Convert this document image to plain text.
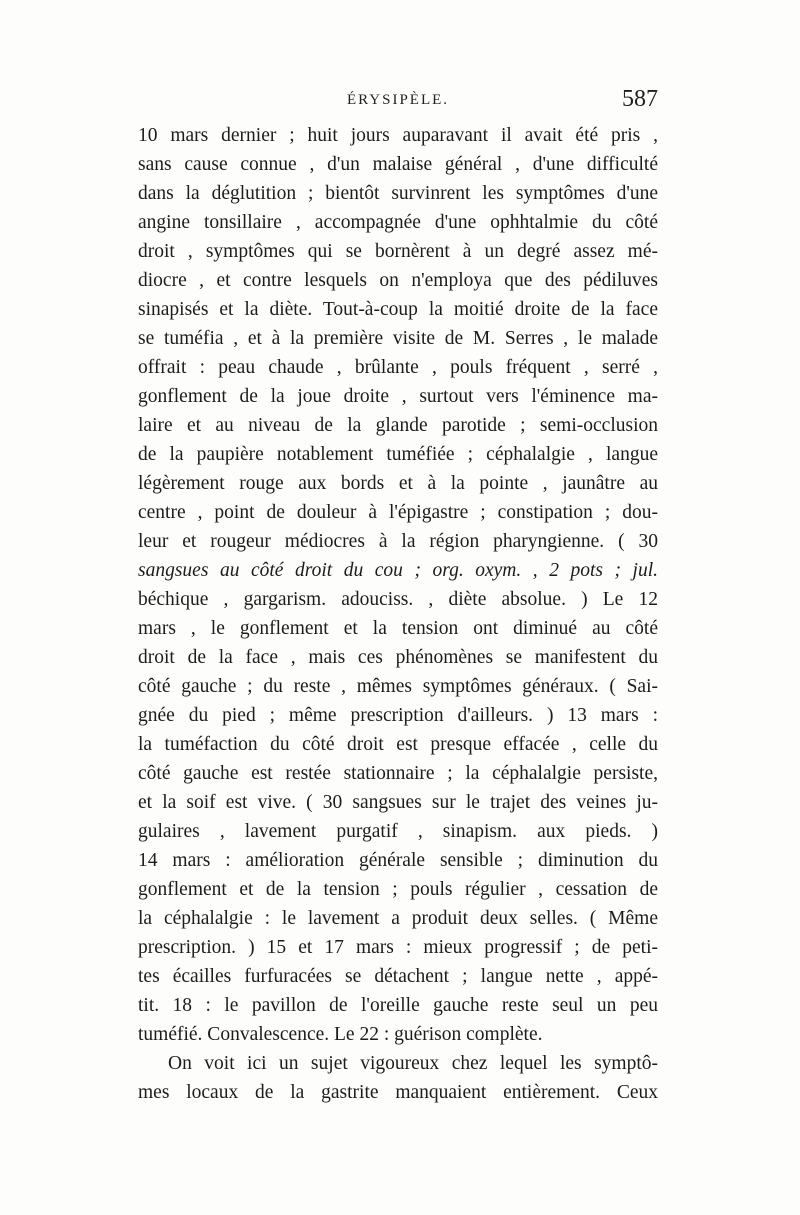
ÉRYSIPÈLE.	587
10 mars dernier ; huit jours auparavant il avait été pris ,
sans cause connue , d'un malaise général , d'une difficulté
dans la déglutition ; bientôt survinrent les symptômes d'une
angine tonsillaire , accompagnée d'une ophhtalmie du côté
droit , symptômes qui se bornèrent à un degré assez mé-
diocre , et contre lesquels on n'employa que des pédiluves
sinapisés et la diète. Tout-à-coup la moitié droite de la face
se tuméfia , et à la première visite de M. Serres , le malade
offrait : peau chaude , brûlante , pouls fréquent , serré ,
gonflement de la joue droite , surtout vers l'éminence ma-
laire et au niveau de la glande parotide ; semi-occlusion
de la paupière notablement tuméfiée ; céphalalgie , langue
légèrement rouge aux bords et à la pointe , jaunâtre au
centre , point de douleur à l'épigastre ; constipation ; dou-
leur et rougeur médiocres à la région pharyngienne. ( 30
sangsues au côté droit du cou ; org. oxym. , 2 pots ; jul.
béchique , gargarism. adouciss. , diète absolue. ) Le 12
mars , le gonflement et la tension ont diminué au côté
droit de la face , mais ces phénomènes se manifestent du
côté gauche ; du reste , mêmes symptômes généraux. ( Sai-
gnée du pied ; même prescription d'ailleurs. ) 13 mars :
la tuméfaction du côté droit est presque effacée , celle du
côté gauche est restée stationnaire ; la céphalalgie persiste,
et la soif est vive. ( 30 sangsues sur le trajet des veines ju-
gulaires , lavement purgatif , sinapism. aux pieds. )
14 mars : amélioration générale sensible ; diminution du
gonflement et de la tension ; pouls régulier , cessation de
la céphalalgie : le lavement a produit deux selles. ( Même
prescription. ) 15 et 17 mars : mieux progressif ; de peti-
tes écailles furfuracées se détachent ; langue nette , appé-
tit. 18 : le pavillon de l'oreille gauche reste seul un peu
tuméfié. Convalescence. Le 22 : guérison complète.
On voit ici un sujet vigoureux chez lequel les symptô-
mes locaux de la gastrite manquaient entièrement. Ceux
